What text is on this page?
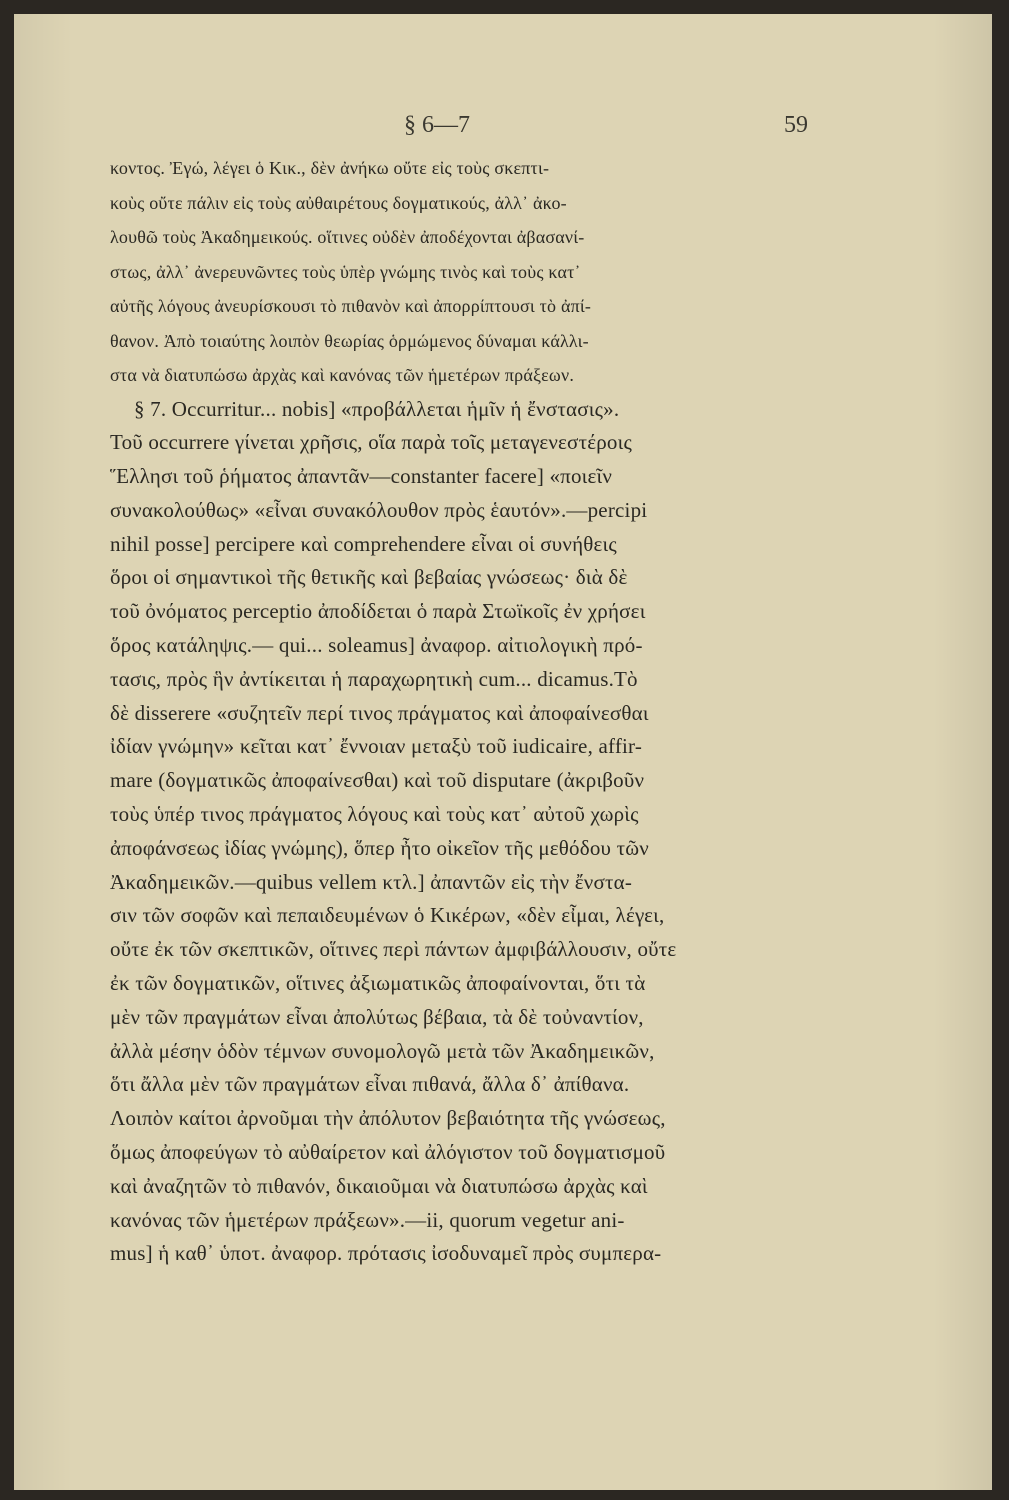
§ 6—7	59
κοντος. Ἐγώ, λέγει ὁ Κικ., δὲν ἀνήκω οὔτε εἰς τοὺς σκεπτι-
κοὺς οὔτε πάλιν εἰς τοὺς αὐθαιρέτους δογματικούς, ἀλλ᾿ ἀκο-
λουθῶ τοὺς Ἀκαδημεικούς. οἵτινες οὐδὲν ἀποδέχονται ἀβασανί-
στως, ἀλλ᾿ ἀνερευνῶντες τοὺς ὑπὲρ γνώμης τινὸς καὶ τοὺς κατ᾿
αὐτῆς λόγους ἀνευρίσκουσι τὸ πιθανὸν καὶ ἀπορρίπτουσι τὸ ἀπί-
θανον. Ἀπὸ τοιαύτης λοιπὸν θεωρίας ὁρμώμενος δύναμαι κάλλι-
στα νὰ διατυπώσω ἀρχὰς καὶ κανόνας τῶν ἡμετέρων πράξεων.
§ 7. Occurritur... nobis] «προβάλλεται ἡμῖν ἡ ἔνστασις».
Τοῦ occurrere γίνεται χρῆσις, οἵα παρὰ τοῖς μεταγενεστέροις
Ἕλλησι τοῦ ῥήματος ἀπαντᾶν—constanter facere] «ποιεῖν
συνακολούθως» «εἶναι συνακόλουθον πρὸς ἑαυτόν».—percipi
nihil posse] percipere καὶ comprehendere εἶναι οἱ συνήθεις
ὅροι οἱ σημαντικοὶ τῆς θετικῆς καὶ βεβαίας γνώσεως· διὰ δὲ
τοῦ ὀνόματος perceptio ἀποδίδεται ὁ παρὰ Στωϊκοῖς ἐν χρήσει
ὅρος κατάληψις.— qui... soleamus] ἀναφορ. αἰτιολογικὴ πρό-
τασις, πρὸς ἣν ἀντίκειται ἡ παραχωρητικὴ cum... dicamus.Τὸ
δὲ disserere «συζητεῖν περί τινος πράγματος καὶ ἀποφαίνεσθαι
ἰδίαν γνώμην» κεῖται κατ᾿ ἔννοιαν μεταξὺ τοῦ iudicaire, affir-
mare (δογματικῶς ἀποφαίνεσθαι) καὶ τοῦ disputare (ἀκριβοῦν
τοὺς ὑπέρ τινος πράγματος λόγους καὶ τοὺς κατ᾿ αὐτοῦ χωρὶς
ἀποφάνσεως ἰδίας γνώμης), ὅπερ ἦτο οἰκεῖον τῆς μεθόδου τῶν
Ἀκαδημεικῶν.—quibus vellem κτλ.] ἀπαντῶν εἰς τὴν ἔνστα-
σιν τῶν σοφῶν καὶ πεπαιδευμένων ὁ Κικέρων, «δὲν εἶμαι, λέγει,
οὔτε ἐκ τῶν σκεπτικῶν, οἵτινες περὶ πάντων ἀμφιβάλλουσιν, οὔτε
ἐκ τῶν δογματικῶν, οἵτινες ἀξιωματικῶς ἀποφαίνονται, ὅτι τὰ
μὲν τῶν πραγμάτων εἶναι ἀπολύτως βέβαια, τὰ δὲ τοὐναντίον,
ἀλλὰ μέσην ὁδὸν τέμνων συνομολογῶ μετὰ τῶν Ἀκαδημεικῶν,
ὅτι ἄλλα μὲν τῶν πραγμάτων εἶναι πιθανά, ἄλλα δ᾿ ἀπίθανα.
Λοιπὸν καίτοι ἀρνοῦμαι τὴν ἀπόλυτον βεβαιότητα τῆς γνώσεως,
ὅμως ἀποφεύγων τὸ αὐθαίρετον καὶ ἀλόγιστον τοῦ δογματισμοῦ
καὶ ἀναζητῶν τὸ πιθανόν, δικαιοῦμαι νὰ διατυπώσω ἀρχὰς καὶ
κανόνας τῶν ἡμετέρων πράξεων».—ii, quorum vegetur ani-
mus] ἡ καθ᾿ ὑποτ. ἀναφορ. πρότασις ἰσοδυναμεῖ πρὸς συμπερα-
